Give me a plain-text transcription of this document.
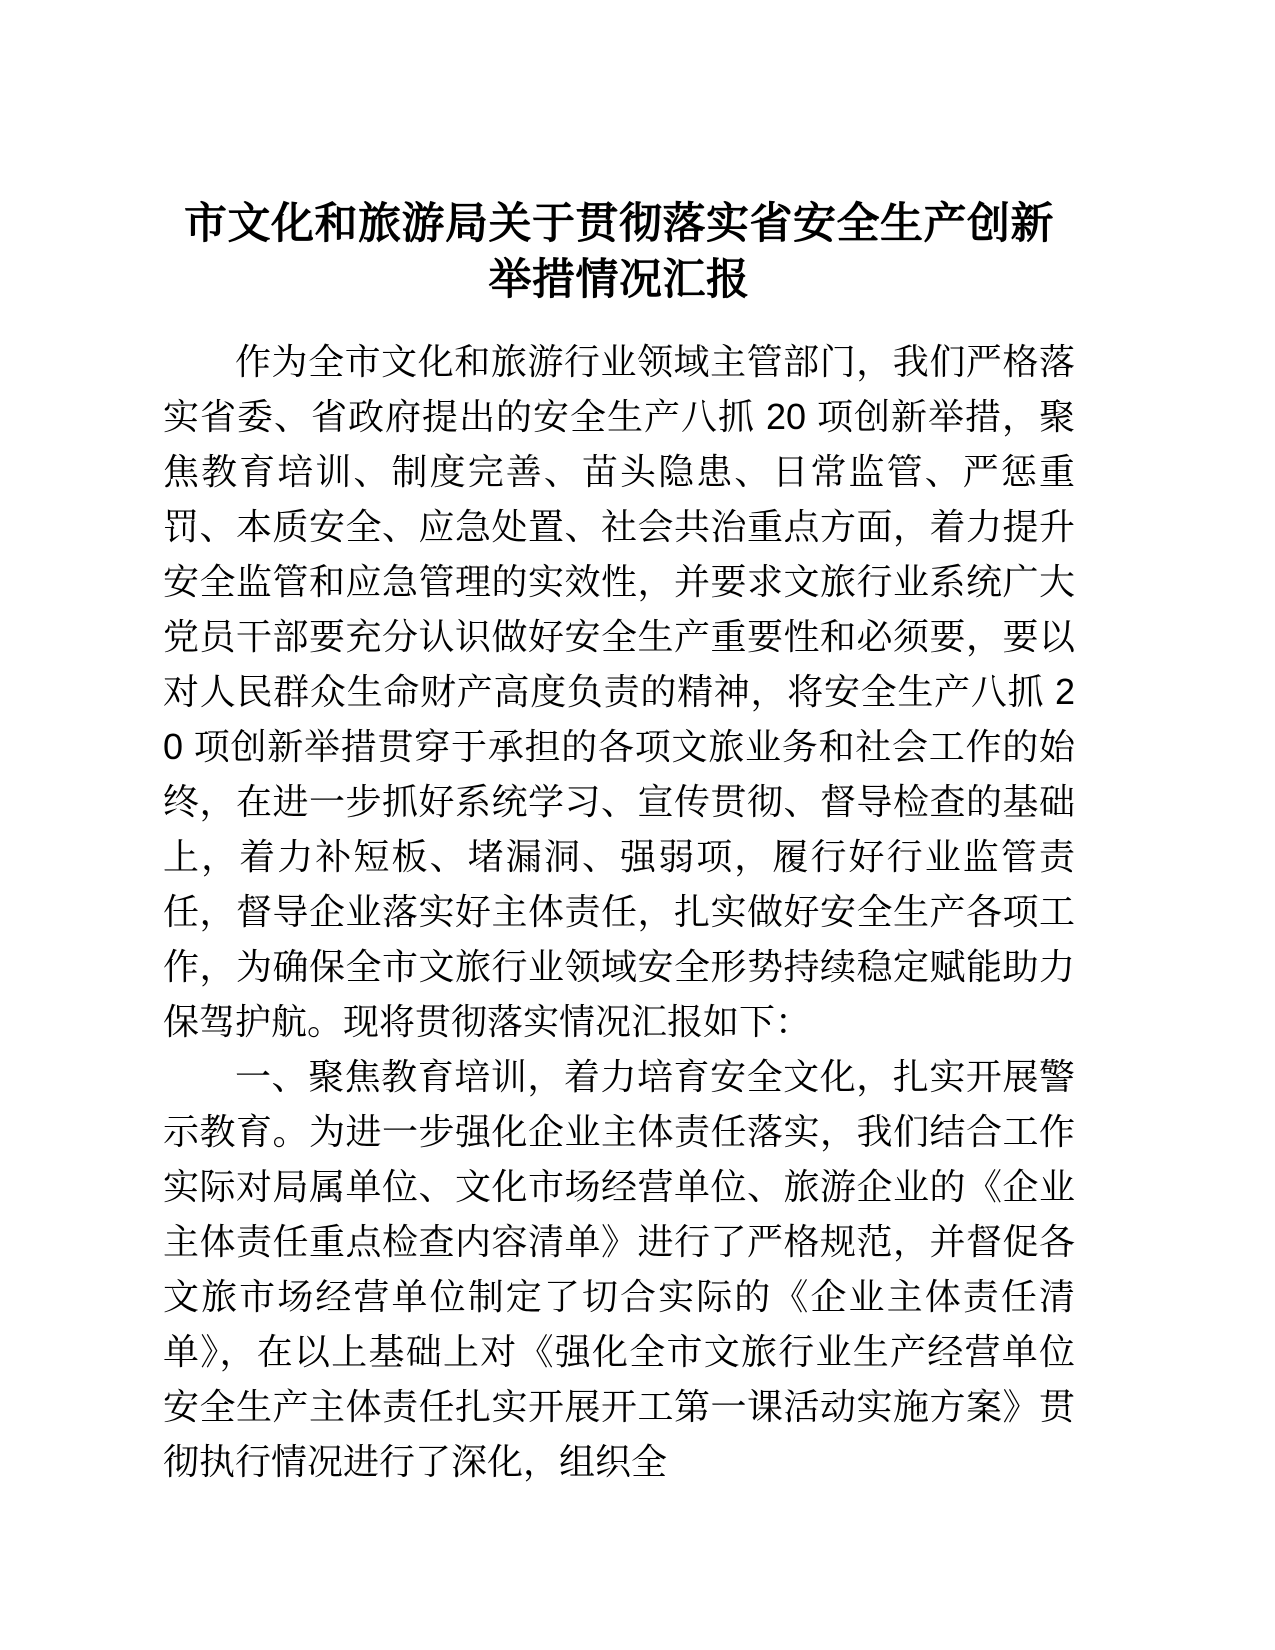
市文化和旅游局关于贯彻落实省安全生产创新举措情况汇报

作为全市文化和旅游行业领域主管部门，我们严格落实省委、省政府提出的安全生产八抓 20 项创新举措，聚焦教育培训、制度完善、苗头隐患、日常监管、严惩重罚、本质安全、应急处置、社会共治重点方面，着力提升安全监管和应急管理的实效性，并要求文旅行业系统广大党员干部要充分认识做好安全生产重要性和必须要，要以对人民群众生命财产高度负责的精神，将安全生产八抓 20 项创新举措贯穿于承担的各项文旅业务和社会工作的始终，在进一步抓好系统学习、宣传贯彻、督导检查的基础上，着力补短板、堵漏洞、强弱项，履行好行业监管责任，督导企业落实好主体责任，扎实做好安全生产各项工作，为确保全市文旅行业领域安全形势持续稳定赋能助力保驾护航。现将贯彻落实情况汇报如下：

一、聚焦教育培训，着力培育安全文化，扎实开展警示教育。为进一步强化企业主体责任落实，我们结合工作实际对局属单位、文化市场经营单位、旅游企业的《企业主体责任重点检查内容清单》进行了严格规范，并督促各文旅市场经营单位制定了切合实际的《企业主体责任清单》，在以上基础上对《强化全市文旅行业生产经营单位安全生产主体责任扎实开展开工第一课活动实施方案》贯彻执行情况进行了深化，组织全
